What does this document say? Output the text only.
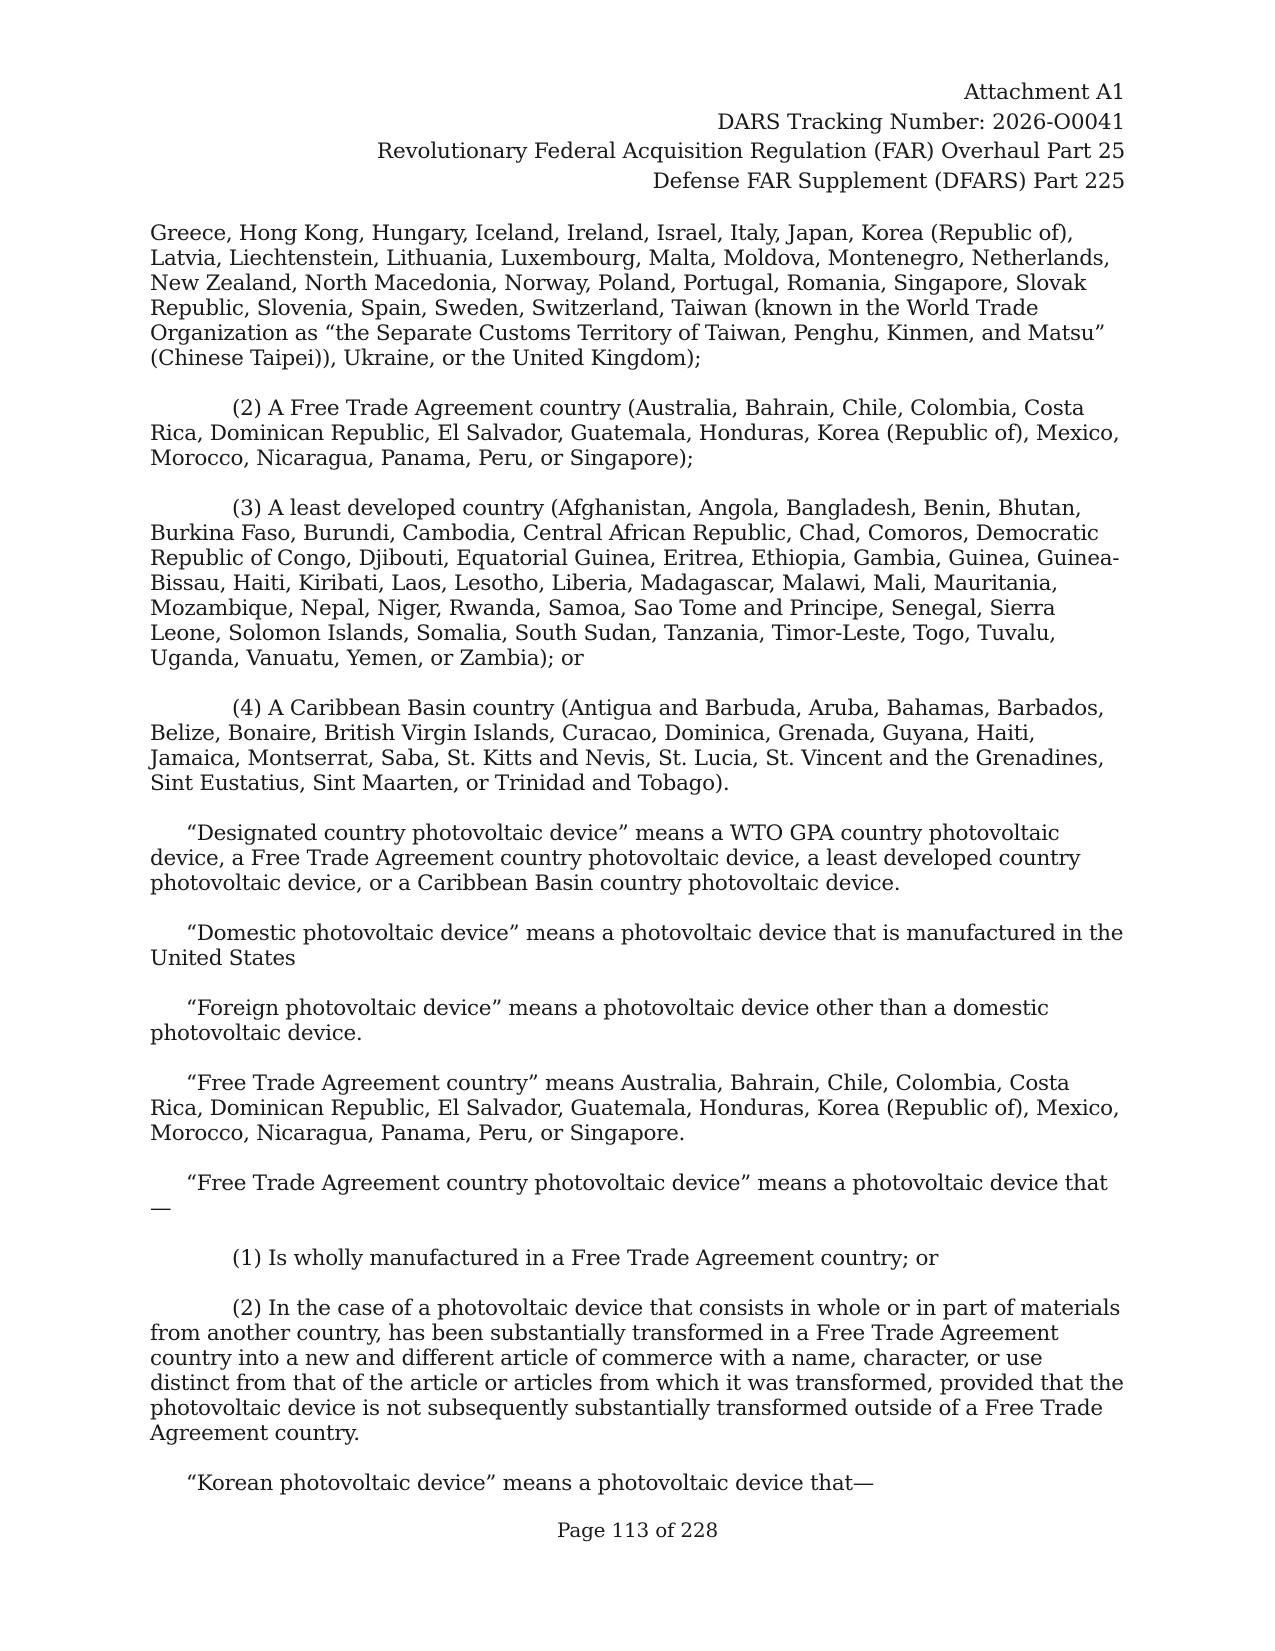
Attachment A1
DARS Tracking Number: 2026-O0041
Revolutionary Federal Acquisition Regulation (FAR) Overhaul Part 25
Defense FAR Supplement (DFARS) Part 225

Greece, Hong Kong, Hungary, Iceland, Ireland, Israel, Italy, Japan, Korea (Republic of), Latvia, Liechtenstein, Lithuania, Luxembourg, Malta, Moldova, Montenegro, Netherlands, New Zealand, North Macedonia, Norway, Poland, Portugal, Romania, Singapore, Slovak Republic, Slovenia, Spain, Sweden, Switzerland, Taiwan (known in the World Trade Organization as “the Separate Customs Territory of Taiwan, Penghu, Kinmen, and Matsu” (Chinese Taipei)), Ukraine, or the United Kingdom);

(2) A Free Trade Agreement country (Australia, Bahrain, Chile, Colombia, Costa Rica, Dominican Republic, El Salvador, Guatemala, Honduras, Korea (Republic of), Mexico, Morocco, Nicaragua, Panama, Peru, or Singapore);

(3) A least developed country (Afghanistan, Angola, Bangladesh, Benin, Bhutan, Burkina Faso, Burundi, Cambodia, Central African Republic, Chad, Comoros, Democratic Republic of Congo, Djibouti, Equatorial Guinea, Eritrea, Ethiopia, Gambia, Guinea, Guinea-Bissau, Haiti, Kiribati, Laos, Lesotho, Liberia, Madagascar, Malawi, Mali, Mauritania, Mozambique, Nepal, Niger, Rwanda, Samoa, Sao Tome and Principe, Senegal, Sierra Leone, Solomon Islands, Somalia, South Sudan, Tanzania, Timor-Leste, Togo, Tuvalu, Uganda, Vanuatu, Yemen, or Zambia); or

(4) A Caribbean Basin country (Antigua and Barbuda, Aruba, Bahamas, Barbados, Belize, Bonaire, British Virgin Islands, Curacao, Dominica, Grenada, Guyana, Haiti, Jamaica, Montserrat, Saba, St. Kitts and Nevis, St. Lucia, St. Vincent and the Grenadines, Sint Eustatius, Sint Maarten, or Trinidad and Tobago).

“Designated country photovoltaic device” means a WTO GPA country photovoltaic device, a Free Trade Agreement country photovoltaic device, a least developed country photovoltaic device, or a Caribbean Basin country photovoltaic device.

“Domestic photovoltaic device” means a photovoltaic device that is manufactured in the United States

“Foreign photovoltaic device” means a photovoltaic device other than a domestic photovoltaic device.

“Free Trade Agreement country” means Australia, Bahrain, Chile, Colombia, Costa Rica, Dominican Republic, El Salvador, Guatemala, Honduras, Korea (Republic of), Mexico, Morocco, Nicaragua, Panama, Peru, or Singapore.

“Free Trade Agreement country photovoltaic device” means a photovoltaic device that—

(1) Is wholly manufactured in a Free Trade Agreement country; or

(2) In the case of a photovoltaic device that consists in whole or in part of materials from another country, has been substantially transformed in a Free Trade Agreement country into a new and different article of commerce with a name, character, or use distinct from that of the article or articles from which it was transformed, provided that the photovoltaic device is not subsequently substantially transformed outside of a Free Trade Agreement country.

“Korean photovoltaic device” means a photovoltaic device that—

Page 113 of 228
